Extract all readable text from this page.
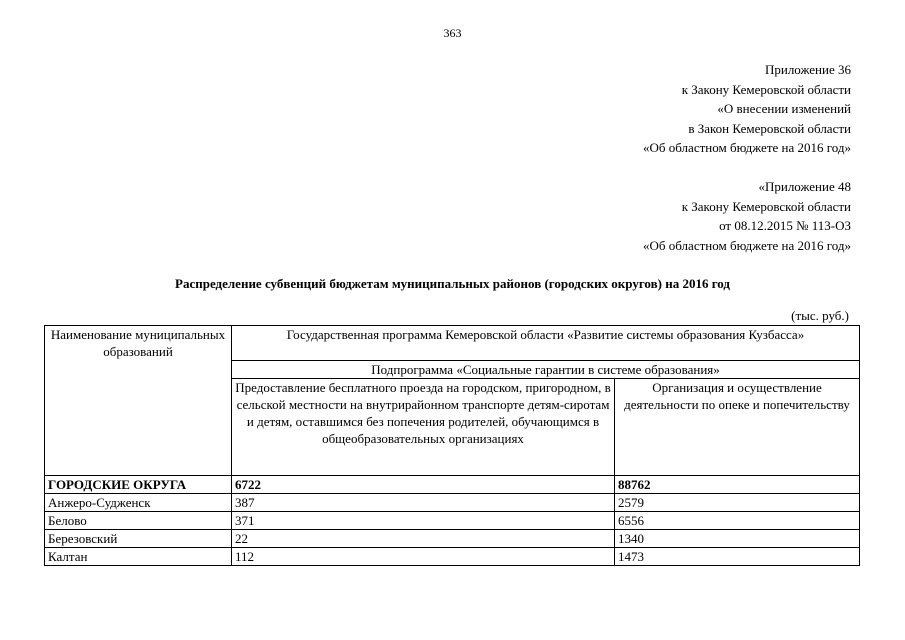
363
Приложение 36
к Закону Кемеровской области
«О внесении изменений
в Закон Кемеровской области
«Об областном бюджете на 2016 год»
«Приложение 48
к Закону Кемеровской области
от 08.12.2015 № 113-ОЗ
«Об областном бюджете на 2016 год»
Распределение субвенций бюджетам муниципальных районов (городских округов) на 2016 год
(тыс. руб.)
Наименование муниципальных образований	Государственная программа Кемеровской области «Развитие системы образования Кузбасса»	
	Подпрограмма «Социальные гарантии в системе образования»	
	Предоставление бесплатного проезда на городском, пригородном, в сельской местности на внутрирайонном транспорте детям-сиротам и детям, оставшимся без попечения родителей, обучающимся в общеобразовательных организациях	Организация и осуществление деятельности по опеке и попечительству
ГОРОДСКИЕ ОКРУГА	6722	88762
Анжеро-Судженск	387	2579
Белово	371	6556
Березовский	22	1340
Калтан	112	1473
